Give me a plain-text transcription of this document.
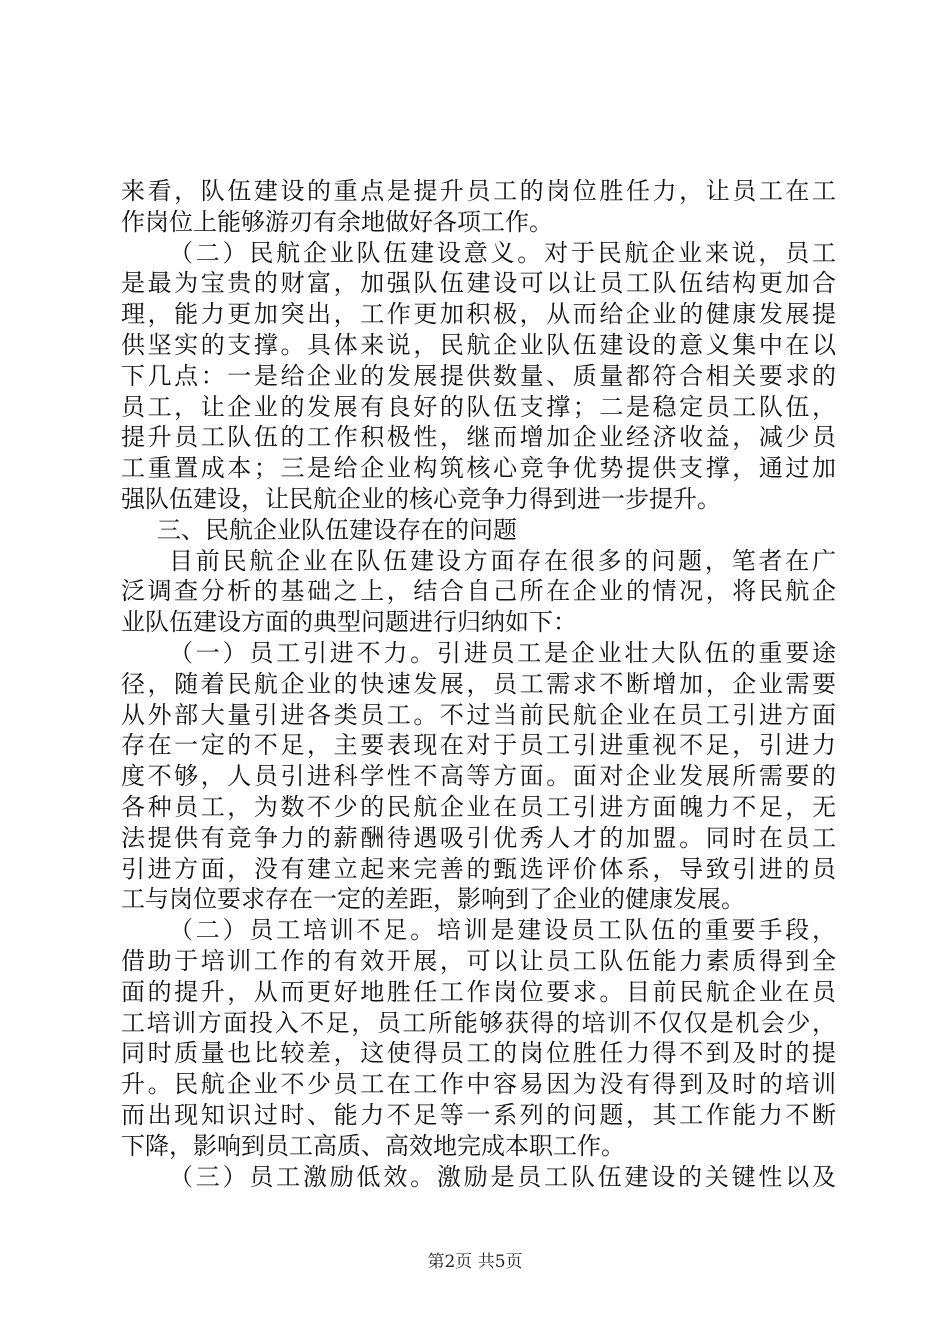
来看，队伍建设的重点是提升员工的岗位胜任力，让员工在工
作岗位上能够游刃有余地做好各项工作。
（二）民航企业队伍建设意义。对于民航企业来说，员工
是最为宝贵的财富，加强队伍建设可以让员工队伍结构更加合
理，能力更加突出，工作更加积极，从而给企业的健康发展提
供坚实的支撑。具体来说，民航企业队伍建设的意义集中在以
下几点：一是给企业的发展提供数量、质量都符合相关要求的
员工，让企业的发展有良好的队伍支撑；二是稳定员工队伍，
提升员工队伍的工作积极性，继而增加企业经济收益，减少员
工重置成本；三是给企业构筑核心竞争优势提供支撑，通过加
强队伍建设，让民航企业的核心竞争力得到进一步提升。
三、民航企业队伍建设存在的问题
目前民航企业在队伍建设方面存在很多的问题，笔者在广
泛调查分析的基础之上，结合自己所在企业的情况，将民航企
业队伍建设方面的典型问题进行归纳如下：
（一）员工引进不力。引进员工是企业壮大队伍的重要途
径，随着民航企业的快速发展，员工需求不断增加，企业需要
从外部大量引进各类员工。不过当前民航企业在员工引进方面
存在一定的不足，主要表现在对于员工引进重视不足，引进力
度不够，人员引进科学性不高等方面。面对企业发展所需要的
各种员工，为数不少的民航企业在员工引进方面魄力不足，无
法提供有竞争力的薪酬待遇吸引优秀人才的加盟。同时在员工
引进方面，没有建立起来完善的甄选评价体系，导致引进的员
工与岗位要求存在一定的差距，影响到了企业的健康发展。
（二）员工培训不足。培训是建设员工队伍的重要手段，
借助于培训工作的有效开展，可以让员工队伍能力素质得到全
面的提升，从而更好地胜任工作岗位要求。目前民航企业在员
工培训方面投入不足，员工所能够获得的培训不仅仅是机会少，
同时质量也比较差，这使得员工的岗位胜任力得不到及时的提
升。民航企业不少员工在工作中容易因为没有得到及时的培训
而出现知识过时、能力不足等一系列的问题，其工作能力不断
下降，影响到员工高质、高效地完成本职工作。
（三）员工激励低效。激励是员工队伍建设的关键性以及
第2页 共5页
